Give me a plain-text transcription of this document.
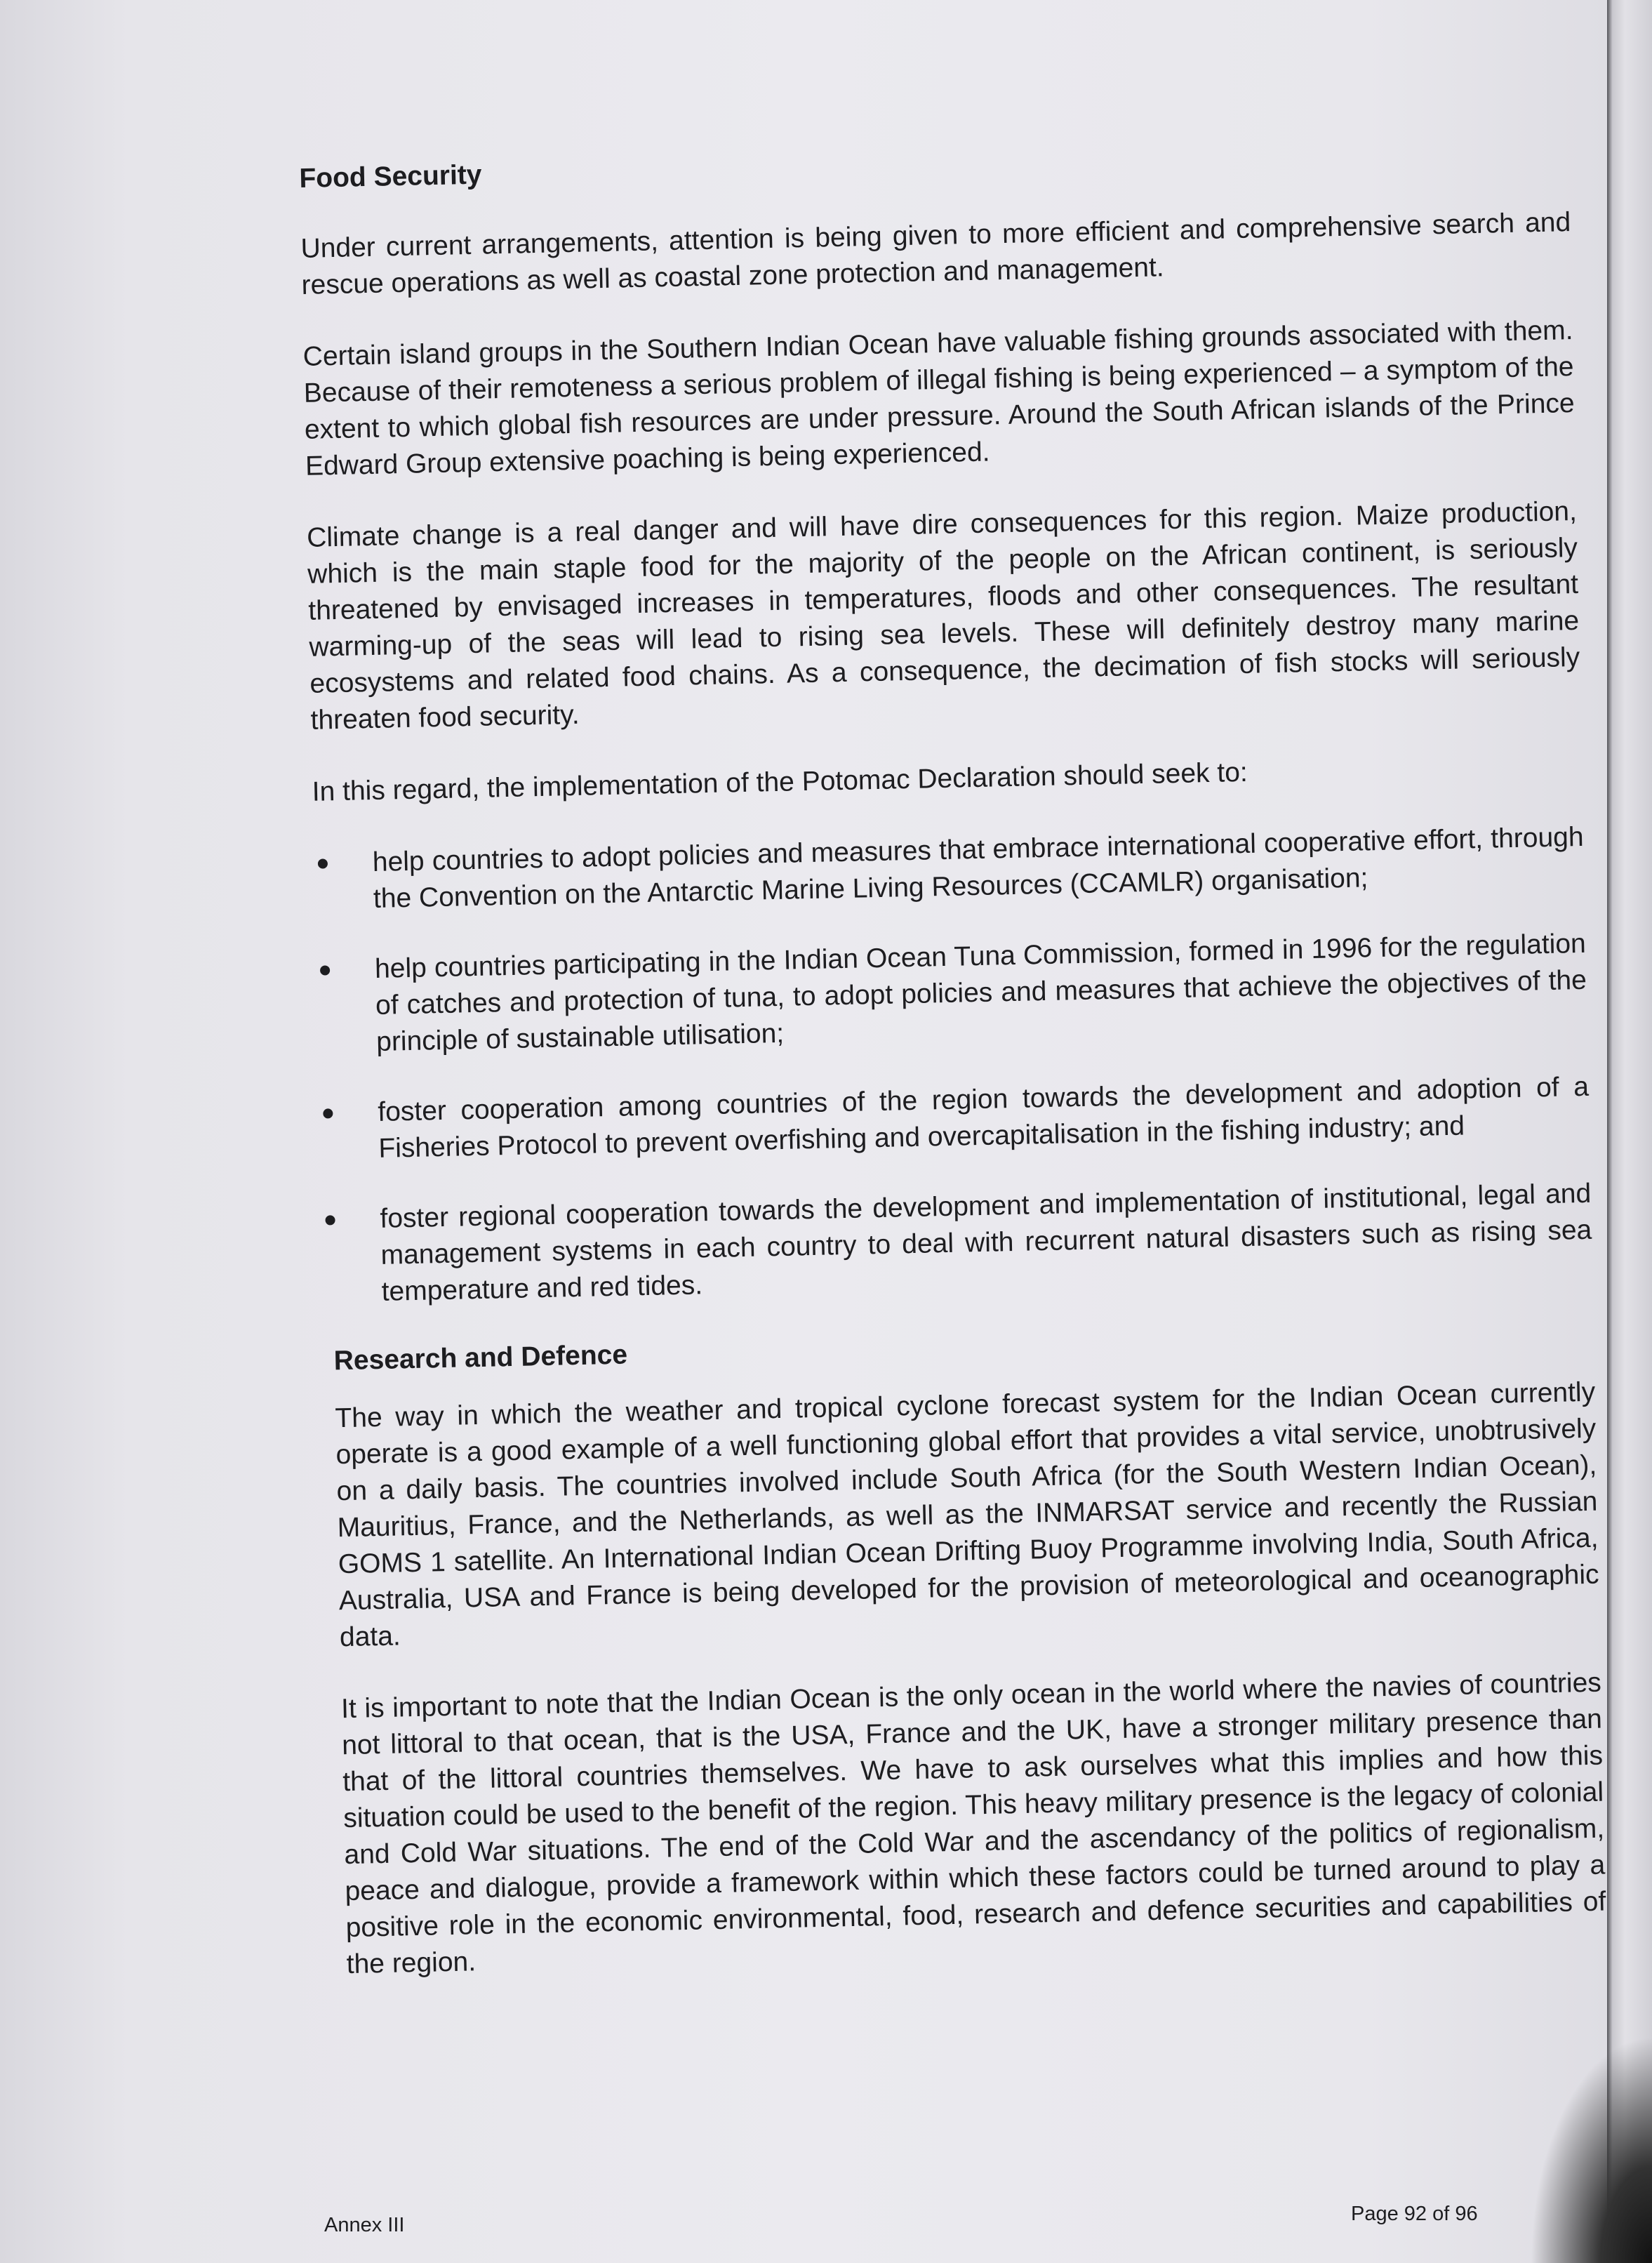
Food Security

Under current arrangements, attention is being given to more efficient and comprehensive search and rescue operations as well as coastal zone protection and management.

Certain island groups in the Southern Indian Ocean have valuable fishing grounds associated with them. Because of their remoteness a serious problem of illegal fishing is being experienced – a symptom of the extent to which global fish resources are under pressure. Around the South African islands of the Prince Edward Group extensive poaching is being experienced.

Climate change is a real danger and will have dire consequences for this region. Maize production, which is the main staple food for the majority of the people on the African continent, is seriously threatened by envisaged increases in temperatures, floods and other consequences. The resultant warming-up of the seas will lead to rising sea levels. These will definitely destroy many marine ecosystems and related food chains. As a consequence, the decimation of fish stocks will seriously threaten food security.

In this regard, the implementation of the Potomac Declaration should seek to:

help countries to adopt policies and measures that embrace international cooperative effort, through the Convention on the Antarctic Marine Living Resources (CCAMLR) organisation;
help countries participating in the Indian Ocean Tuna Commission, formed in 1996 for the regulation of catches and protection of tuna, to adopt policies and measures that achieve the objectives of the principle of sustainable utilisation;
foster cooperation among countries of the region towards the development and adoption of a Fisheries Protocol to prevent overfishing and overcapitalisation in the fishing industry; and
foster regional cooperation towards the development and implementation of institutional, legal and management systems in each country to deal with recurrent natural disasters such as rising sea temperature and red tides.
Research and Defence

The way in which the weather and tropical cyclone forecast system for the Indian Ocean currently operate is a good example of a well functioning global effort that provides a vital service, unobtrusively on a daily basis. The countries involved include South Africa (for the South Western Indian Ocean), Mauritius, France, and the Netherlands, as well as the INMARSAT service and recently the Russian GOMS 1 satellite. An International Indian Ocean Drifting Buoy Programme involving India, South Africa, Australia, USA and France is being developed for the provision of meteorological and oceanographic data.

It is important to note that the Indian Ocean is the only ocean in the world where the navies of countries not littoral to that ocean, that is the USA, France and the UK, have a stronger military presence than that of the littoral countries themselves. We have to ask ourselves what this implies and how this situation could be used to the benefit of the region. This heavy military presence is the legacy of colonial and Cold War situations. The end of the Cold War and the ascendancy of the politics of regionalism, peace and dialogue, provide a framework within which these factors could be turned around to play a positive role in the economic environmental, food, research and defence securities and capabilities of the region.

Annex III	Page 92 of 96
